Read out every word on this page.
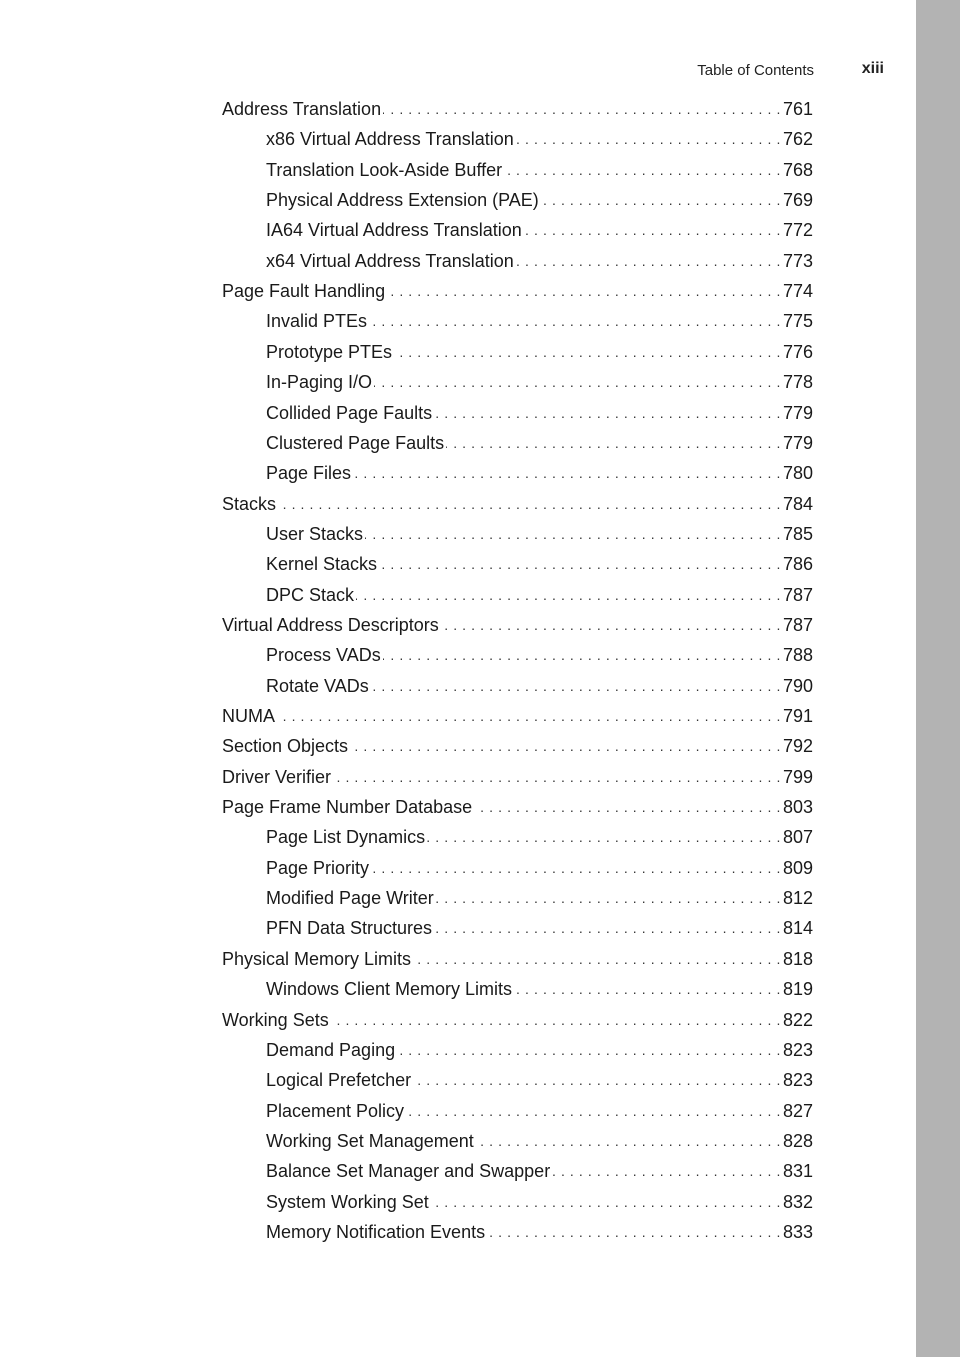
Table of Contents	xiii
Address Translation . . .	761
x86 Virtual Address Translation . . .	762
Translation Look-Aside Buffer . . .	768
Physical Address Extension (PAE) . . .	769
IA64 Virtual Address Translation . . .	772
x64 Virtual Address Translation . . .	773
Page Fault Handling . . .	774
Invalid PTEs . . .	775
Prototype PTEs . . .	776
In-Paging I/O . . .	778
Collided Page Faults . . .	779
Clustered Page Faults . . .	779
Page Files . . .	780
Stacks . . .	784
User Stacks . . .	785
Kernel Stacks . . .	786
DPC Stack . . .	787
Virtual Address Descriptors . . .	787
Process VADs . . .	788
Rotate VADs . . .	790
NUMA . . .	791
Section Objects . . .	792
Driver Verifier . . .	799
Page Frame Number Database . . .	803
Page List Dynamics . . .	807
Page Priority . . .	809
Modified Page Writer . . .	812
PFN Data Structures . . .	814
Physical Memory Limits . . .	818
Windows Client Memory Limits . . .	819
Working Sets . . .	822
Demand Paging . . .	823
Logical Prefetcher . . .	823
Placement Policy . . .	827
Working Set Management . . .	828
Balance Set Manager and Swapper . . .	831
System Working Set . . .	832
Memory Notification Events . . .	833
